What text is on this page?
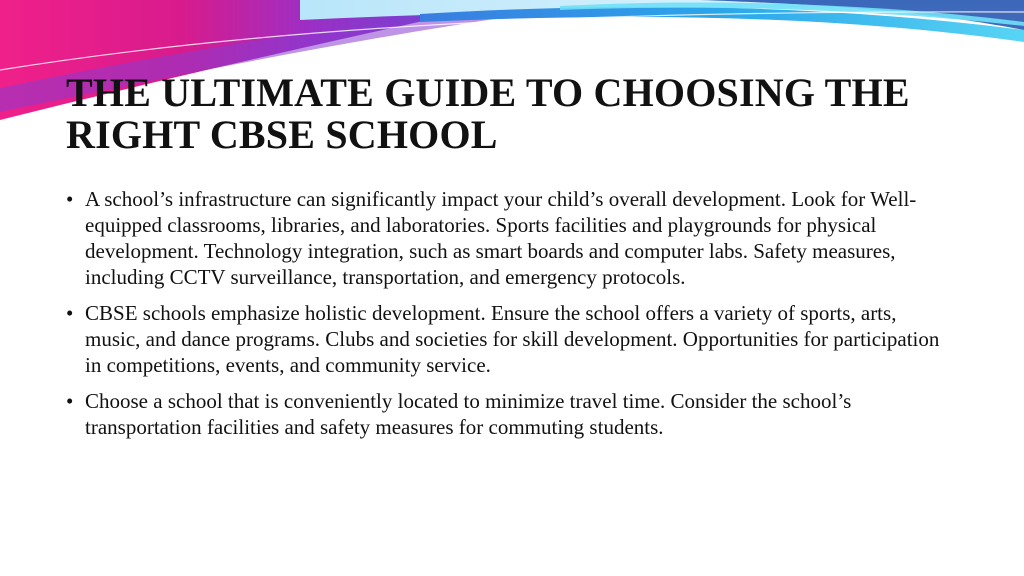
THE ULTIMATE GUIDE TO CHOOSING THE RIGHT CBSE SCHOOL
• A school’s infrastructure can significantly impact your child’s overall development. Look for Well-equipped classrooms, libraries, and laboratories. Sports facilities and playgrounds for physical development. Technology integration, such as smart boards and computer labs. Safety measures, including CCTV surveillance, transportation, and emergency protocols.
• CBSE schools emphasize holistic development. Ensure the school offers a variety of sports, arts, music, and dance programs. Clubs and societies for skill development. Opportunities for participation in competitions, events, and community service.
• Choose a school that is conveniently located to minimize travel time. Consider the school’s transportation facilities and safety measures for commuting students.
